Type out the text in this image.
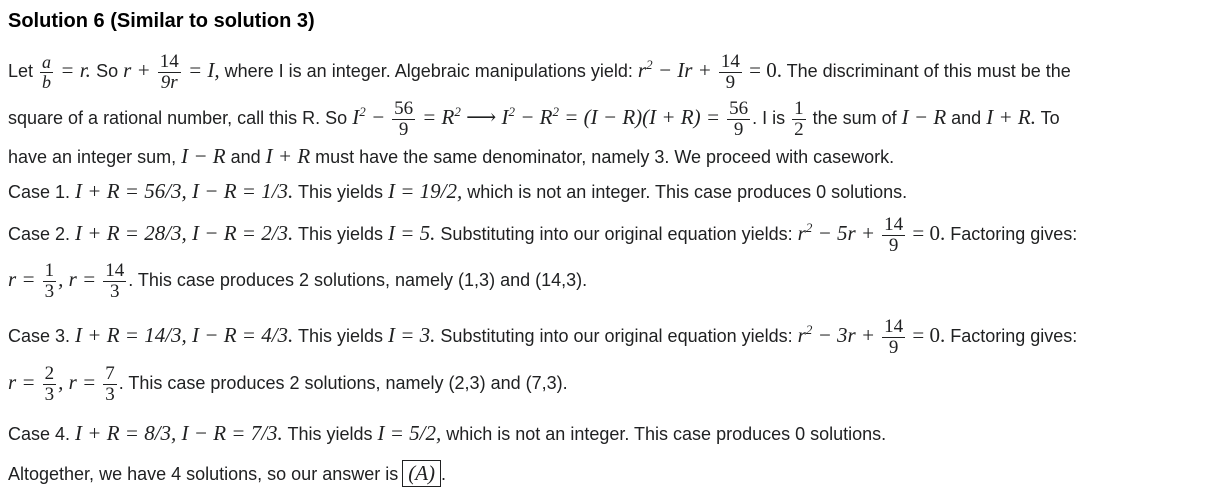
Solution 6 (Similar to solution 3)
Let $\frac{a}{b} = r$. So $r + \frac{14}{9r} = I$, where I is an integer. Algebraic manipulations yield: $r^2 - Ir + \frac{14}{9} = 0$. The discriminant of this must be the
square of a rational number, call this R. So $I^2 - \frac{56}{9} = R^2$ ⟶ $I^2 - R^2 = (I - R)(I + R) = \frac{56}{9}$ . I is $\frac{1}{2}$ the sum of I − R and I + R. To
have an integer sum, I − R and I + R must have the same denominator, namely 3. We proceed with casework.
Case 1. I + R = 56/3, I − R = 1/3. This yields I = 19/2, which is not an integer. This case produces 0 solutions.
Case 2. I + R = 28/3, I − R = 2/3. This yields I = 5. Substituting into our original equation yields: $r^2 - 5r + \frac{14}{9} = 0$. Factoring gives:
$r = \frac{1}{3}$ , $r = \frac{14}{3}$ . This case produces 2 solutions, namely (1,3) and (14,3).
Case 3. I + R = 14/3, I − R = 4/3. This yields I = 3. Substituting into our original equation yields: $r^2 - 3r + \frac{14}{9} = 0$. Factoring gives:
$r = \frac{2}{3}$ , $r = \frac{7}{3}$ . This case produces 2 solutions, namely (2,3) and (7,3).
Case 4. I + R = 8/3, I − R = 7/3. This yields I = 5/2, which is not an integer. This case produces 0 solutions.
Altogether, we have 4 solutions, so our answer is (A) .
